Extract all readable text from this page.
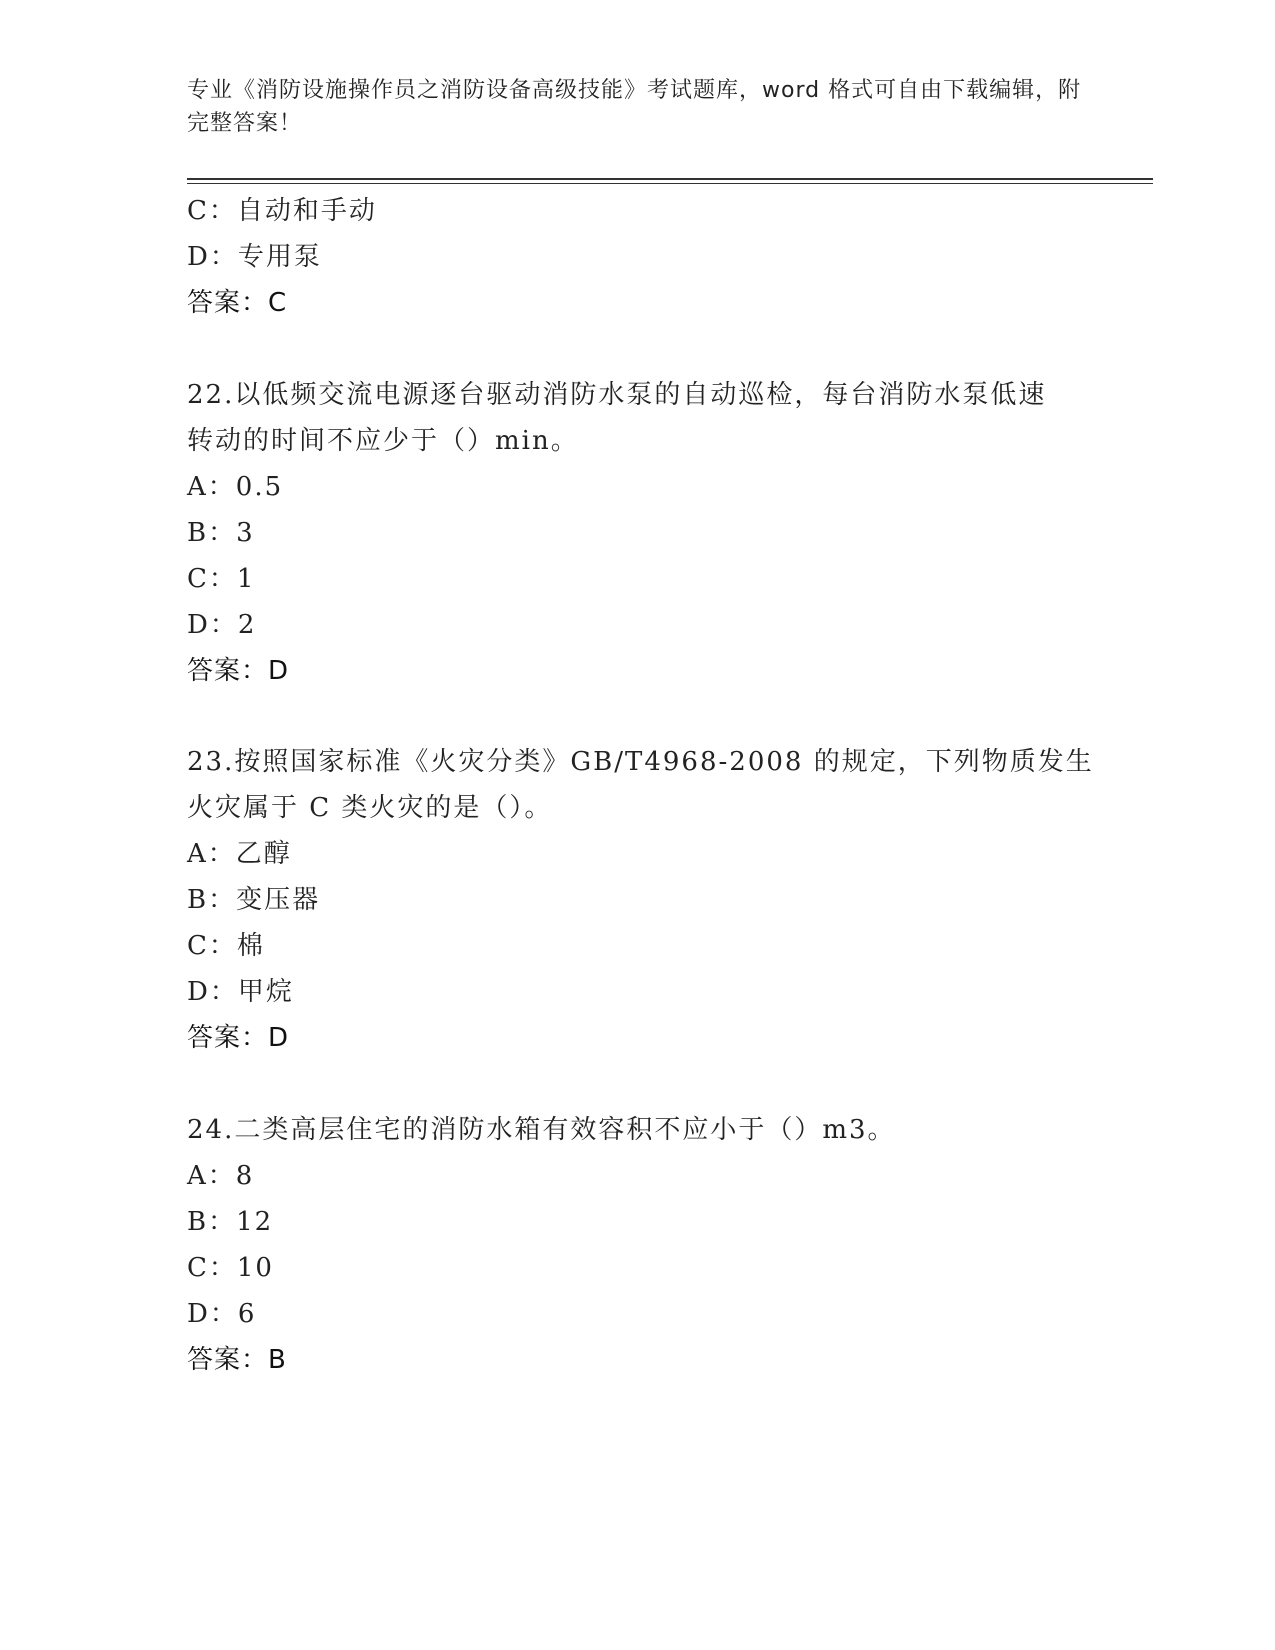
专业《消防设施操作员之消防设备高级技能》考试题库，word 格式可自由下载编辑，附完整答案！
C：自动和手动
D：专用泵
答案：C
22.以低频交流电源逐台驱动消防水泵的自动巡检，每台消防水泵低速
转动的时间不应少于（）min。
A：0.5
B：3
C：1
D：2
答案：D
23.按照国家标准《火灾分类》GB/T4968-2008 的规定，下列物质发生
火灾属于 C 类火灾的是（）。
A：乙醇
B：变压器
C：棉
D：甲烷
答案：D
24.二类高层住宅的消防水箱有效容积不应小于（）m3。
A：8
B：12
C：10
D：6
答案：B
